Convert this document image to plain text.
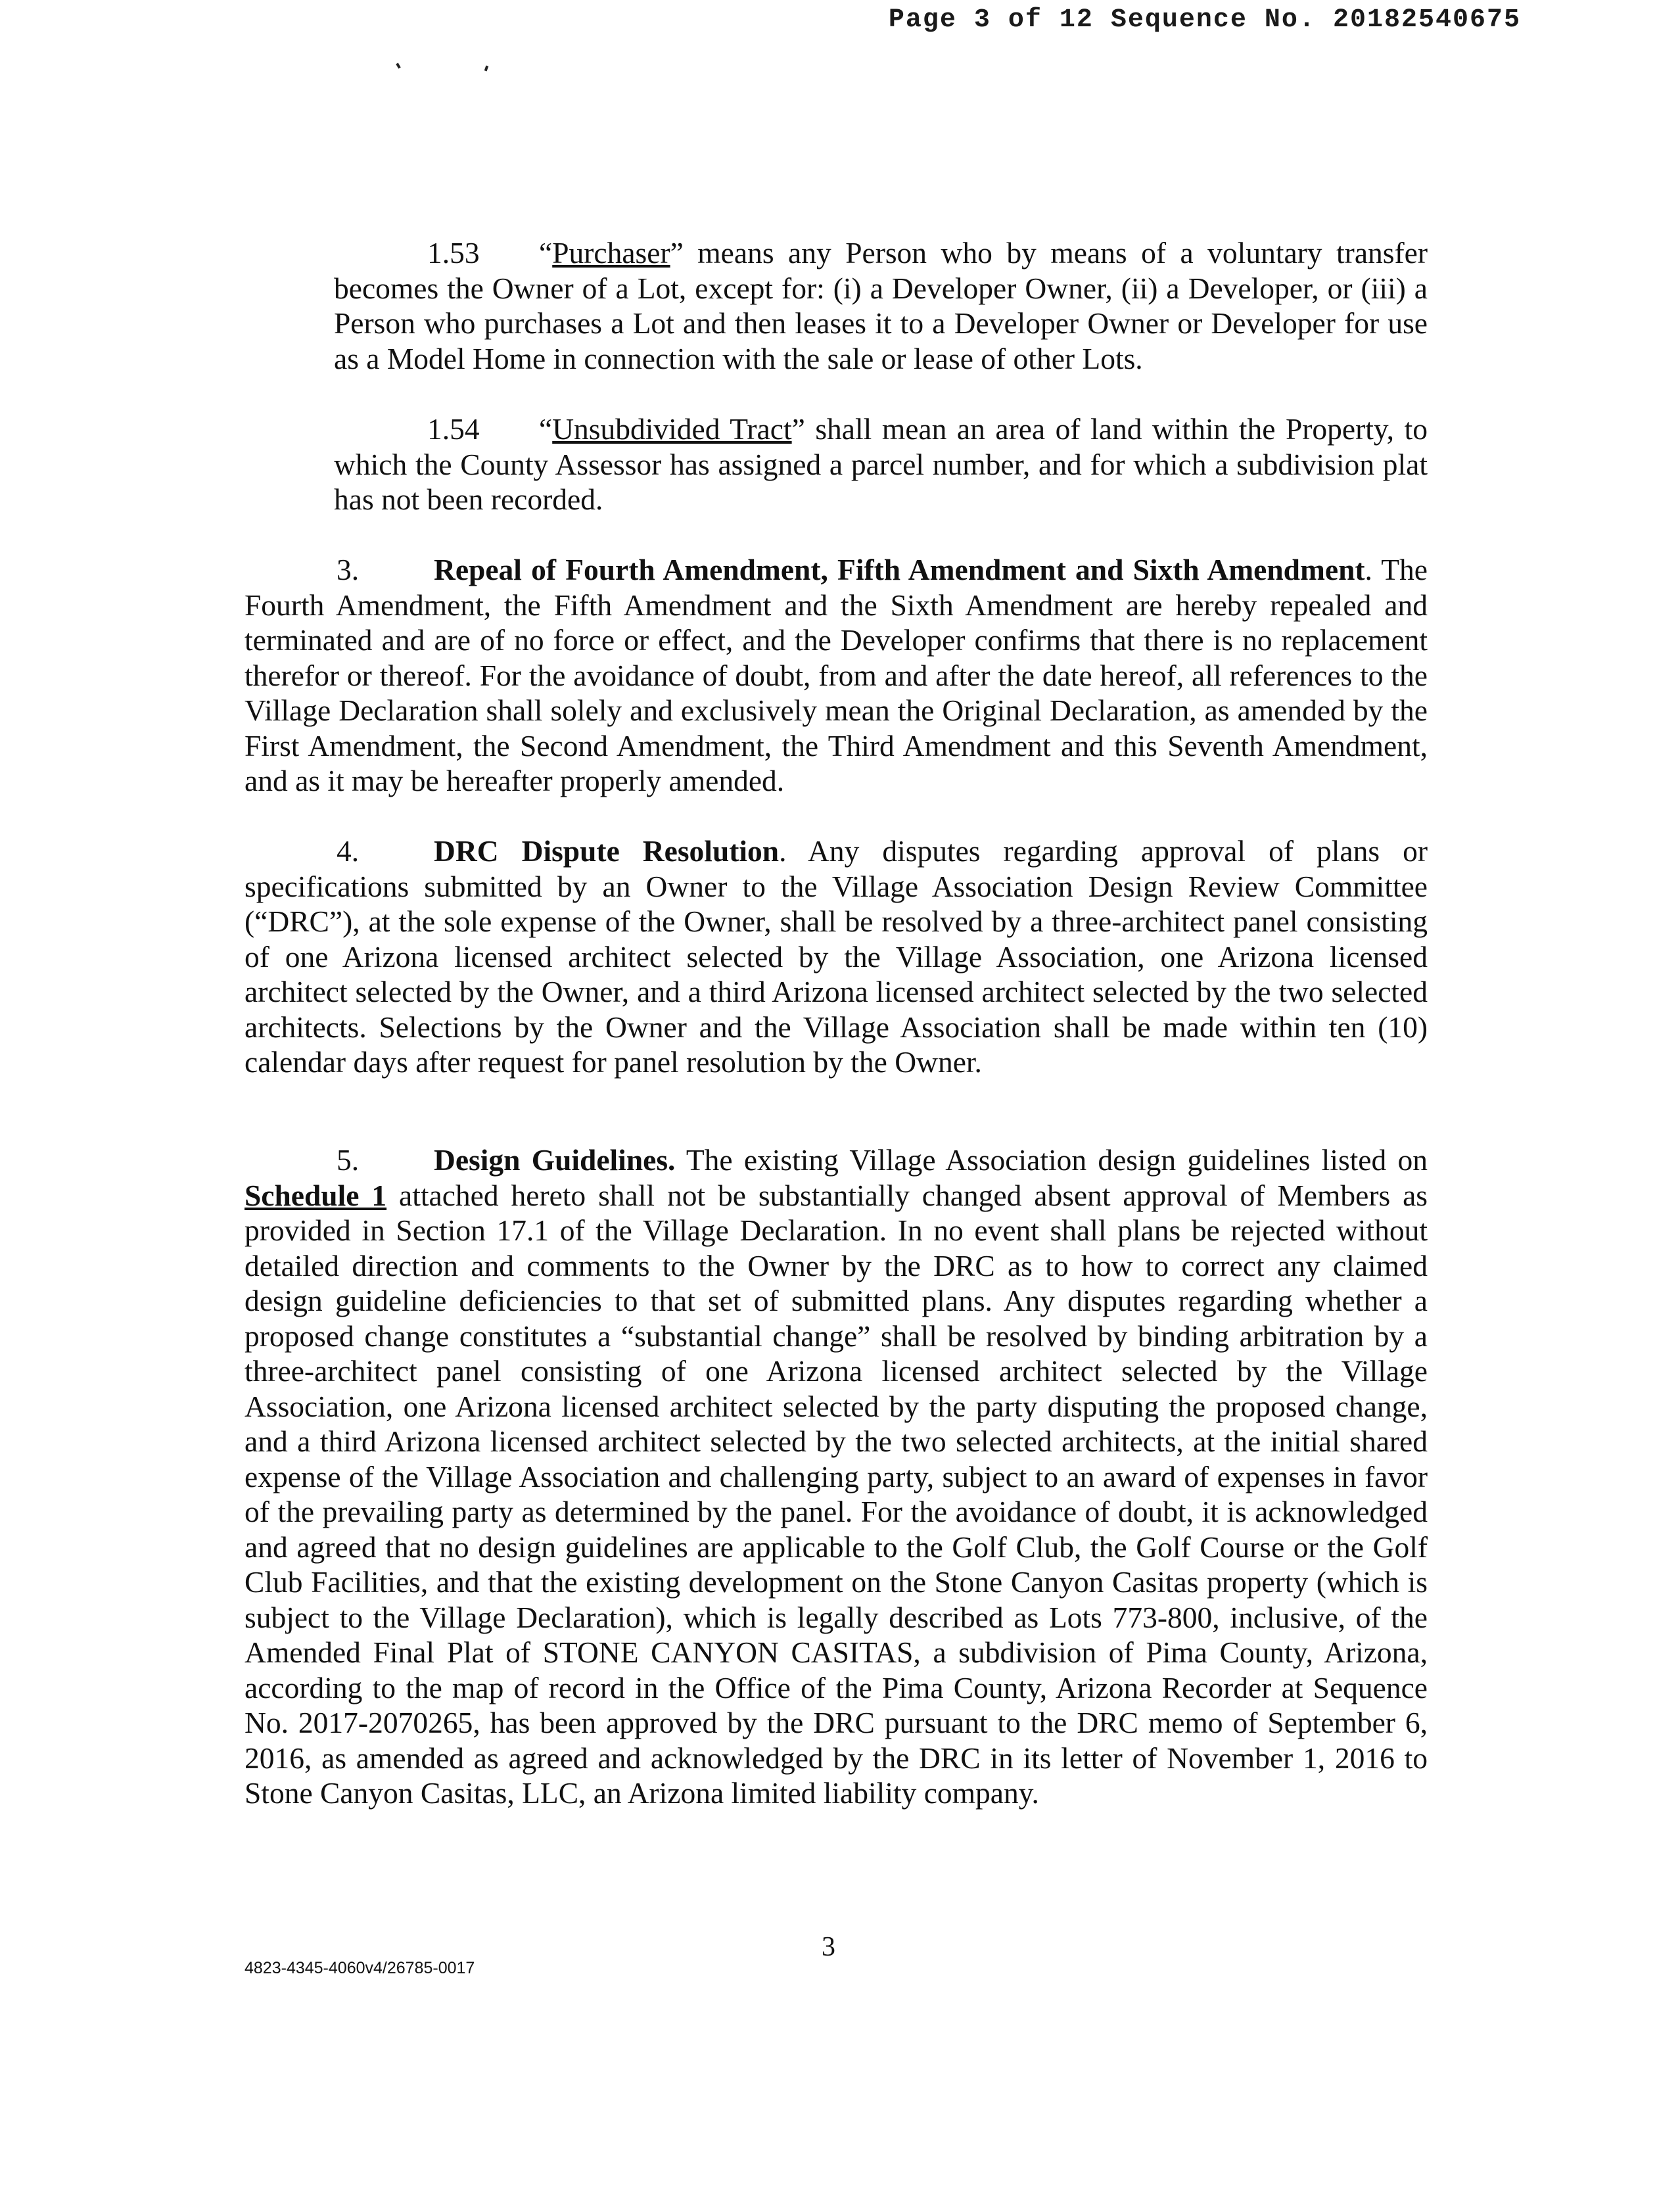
Page 3 of 12 Sequence No. 20182540675

1.53 “Purchaser” means any Person who by means of a voluntary transfer becomes the Owner of a Lot, except for: (i) a Developer Owner, (ii) a Developer, or (iii) a Person who purchases a Lot and then leases it to a Developer Owner or Developer for use as a Model Home in connection with the sale or lease of other Lots.

1.54 “Unsubdivided Tract” shall mean an area of land within the Property, to which the County Assessor has assigned a parcel number, and for which a subdivision plat has not been recorded.

3.	Repeal of Fourth Amendment, Fifth Amendment and Sixth Amendment. The Fourth Amendment, the Fifth Amendment and the Sixth Amendment are hereby repealed and terminated and are of no force or effect, and the Developer confirms that there is no replacement therefor or thereof. For the avoidance of doubt, from and after the date hereof, all references to the Village Declaration shall solely and exclusively mean the Original Declaration, as amended by the First Amendment, the Second Amendment, the Third Amendment and this Seventh Amendment, and as it may be hereafter properly amended.

4.	DRC Dispute Resolution. Any disputes regarding approval of plans or specifications submitted by an Owner to the Village Association Design Review Committee (“DRC”), at the sole expense of the Owner, shall be resolved by a three-architect panel consisting of one Arizona licensed architect selected by the Village Association, one Arizona licensed architect selected by the Owner, and a third Arizona licensed architect selected by the two selected architects. Selections by the Owner and the Village Association shall be made within ten (10) calendar days after request for panel resolution by the Owner.

5.	Design Guidelines. The existing Village Association design guidelines listed on Schedule 1 attached hereto shall not be substantially changed absent approval of Members as provided in Section 17.1 of the Village Declaration. In no event shall plans be rejected without detailed direction and comments to the Owner by the DRC as to how to correct any claimed design guideline deficiencies to that set of submitted plans. Any disputes regarding whether a proposed change constitutes a “substantial change” shall be resolved by binding arbitration by a three-architect panel consisting of one Arizona licensed architect selected by the Village Association, one Arizona licensed architect selected by the party disputing the proposed change, and a third Arizona licensed architect selected by the two selected architects, at the initial shared expense of the Village Association and challenging party, subject to an award of expenses in favor of the prevailing party as determined by the panel. For the avoidance of doubt, it is acknowledged and agreed that no design guidelines are applicable to the Golf Club, the Golf Course or the Golf Club Facilities, and that the existing development on the Stone Canyon Casitas property (which is subject to the Village Declaration), which is legally described as Lots 773-800, inclusive, of the Amended Final Plat of STONE CANYON CASITAS, a subdivision of Pima County, Arizona, according to the map of record in the Office of the Pima County, Arizona Recorder at Sequence No. 2017-2070265, has been approved by the DRC pursuant to the DRC memo of September 6, 2016, as amended as agreed and acknowledged by the DRC in its letter of November 1, 2016 to Stone Canyon Casitas, LLC, an Arizona limited liability company.

3
4823-4345-4060v4/26785-0017
